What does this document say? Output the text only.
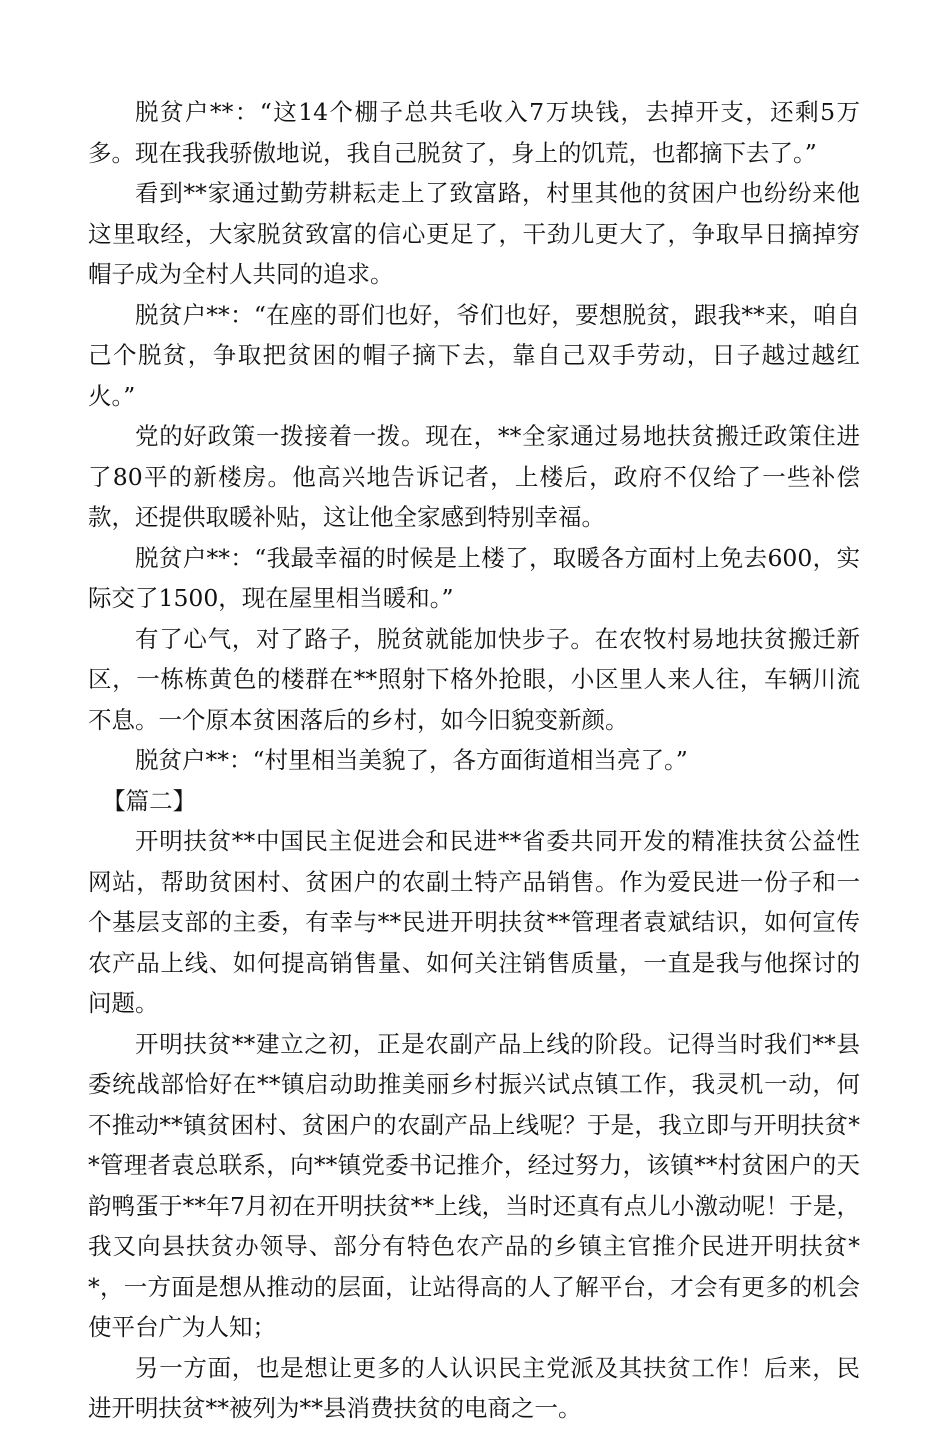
脱贫户**：“这14个棚子总共毛收入7万块钱，去掉开支，还剩5万多。现在我我骄傲地说，我自己脱贫了，身上的饥荒，也都摘下去了。”

看到**家通过勤劳耕耘走上了致富路，村里其他的贫困户也纷纷来他这里取经，大家脱贫致富的信心更足了，干劲儿更大了，争取早日摘掉穷帽子成为全村人共同的追求。

脱贫户**：“在座的哥们也好，爷们也好，要想脱贫，跟我**来，咱自己个脱贫，争取把贫困的帽子摘下去，靠自己双手劳动，日子越过越红火。”

党的好政策一拨接着一拨。现在，**全家通过易地扶贫搬迁政策住进了80平的新楼房。他高兴地告诉记者，上楼后，政府不仅给了一些补偿款，还提供取暖补贴，这让他全家感到特别幸福。

脱贫户**：“我最幸福的时候是上楼了，取暖各方面村上免去600，实际交了1500，现在屋里相当暖和。”

有了心气，对了路子，脱贫就能加快步子。在农牧村易地扶贫搬迁新区，一栋栋黄色的楼群在**照射下格外抢眼，小区里人来人往，车辆川流不息。一个原本贫困落后的乡村，如今旧貌变新颜。

脱贫户**：“村里相当美貌了，各方面街道相当亮了。”

【篇二】

开明扶贫**中国民主促进会和民进**省委共同开发的精准扶贫公益性网站，帮助贫困村、贫困户的农副土特产品销售。作为爱民进一份子和一个基层支部的主委，有幸与**民进开明扶贫**管理者袁斌结识，如何宣传农产品上线、如何提高销售量、如何关注销售质量，一直是我与他探讨的问题。

开明扶贫**建立之初，正是农副产品上线的阶段。记得当时我们**县委统战部恰好在**镇启动助推美丽乡村振兴试点镇工作，我灵机一动，何不推动**镇贫困村、贫困户的农副产品上线呢？于是，我立即与开明扶贫**管理者袁总联系，向**镇党委书记推介，经过努力，该镇**村贫困户的天韵鸭蛋于**年7月初在开明扶贫**上线，当时还真有点儿小激动呢！于是，我又向县扶贫办领导、部分有特色农产品的乡镇主官推介民进开明扶贫**，一方面是想从推动的层面，让站得高的人了解平台，才会有更多的机会使平台广为人知；

另一方面，也是想让更多的人认识民主党派及其扶贫工作！后来，民进开明扶贫**被列为**县消费扶贫的电商之一。
